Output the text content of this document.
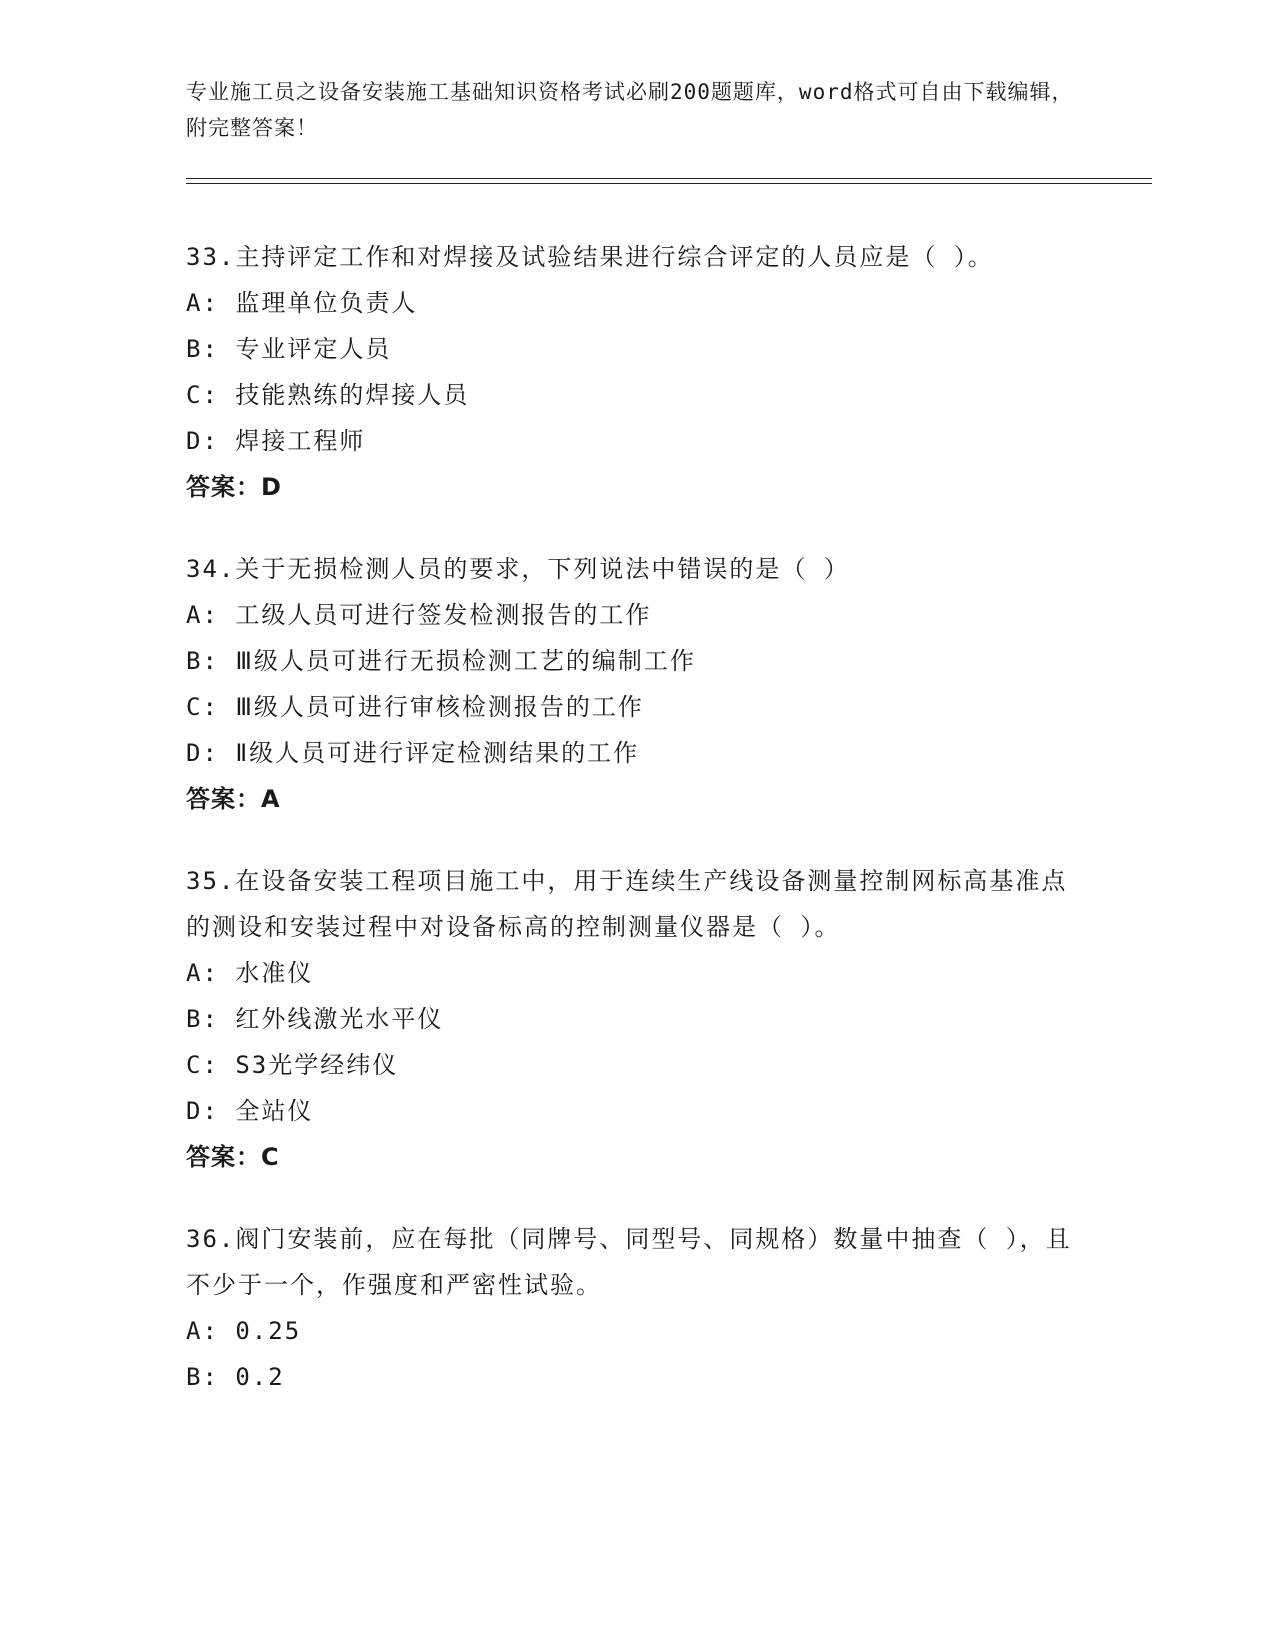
专业施工员之设备安装施工基础知识资格考试必刷200题题库，word格式可自由下载编辑，附完整答案！
33.主持评定工作和对焊接及试验结果进行综合评定的人员应是（ ）。
A: 监理单位负责人
B: 专业评定人员
C: 技能熟练的焊接人员
D: 焊接工程师
答案：D
34.关于无损检测人员的要求，下列说法中错误的是（ ）
A: 工级人员可进行签发检测报告的工作
B: Ⅲ级人员可进行无损检测工艺的编制工作
C: Ⅲ级人员可进行审核检测报告的工作
D: Ⅱ级人员可进行评定检测结果的工作
答案：A
35.在设备安装工程项目施工中，用于连续生产线设备测量控制网标高基准点的测设和安装过程中对设备标高的控制测量仪器是（ ）。
A: 水准仪
B: 红外线激光水平仪
C: S3光学经纬仪
D: 全站仪
答案：C
36.阀门安装前，应在每批（同牌号、同型号、同规格）数量中抽查（ ），且不少于一个，作强度和严密性试验。
A: 0.25
B: 0.2
